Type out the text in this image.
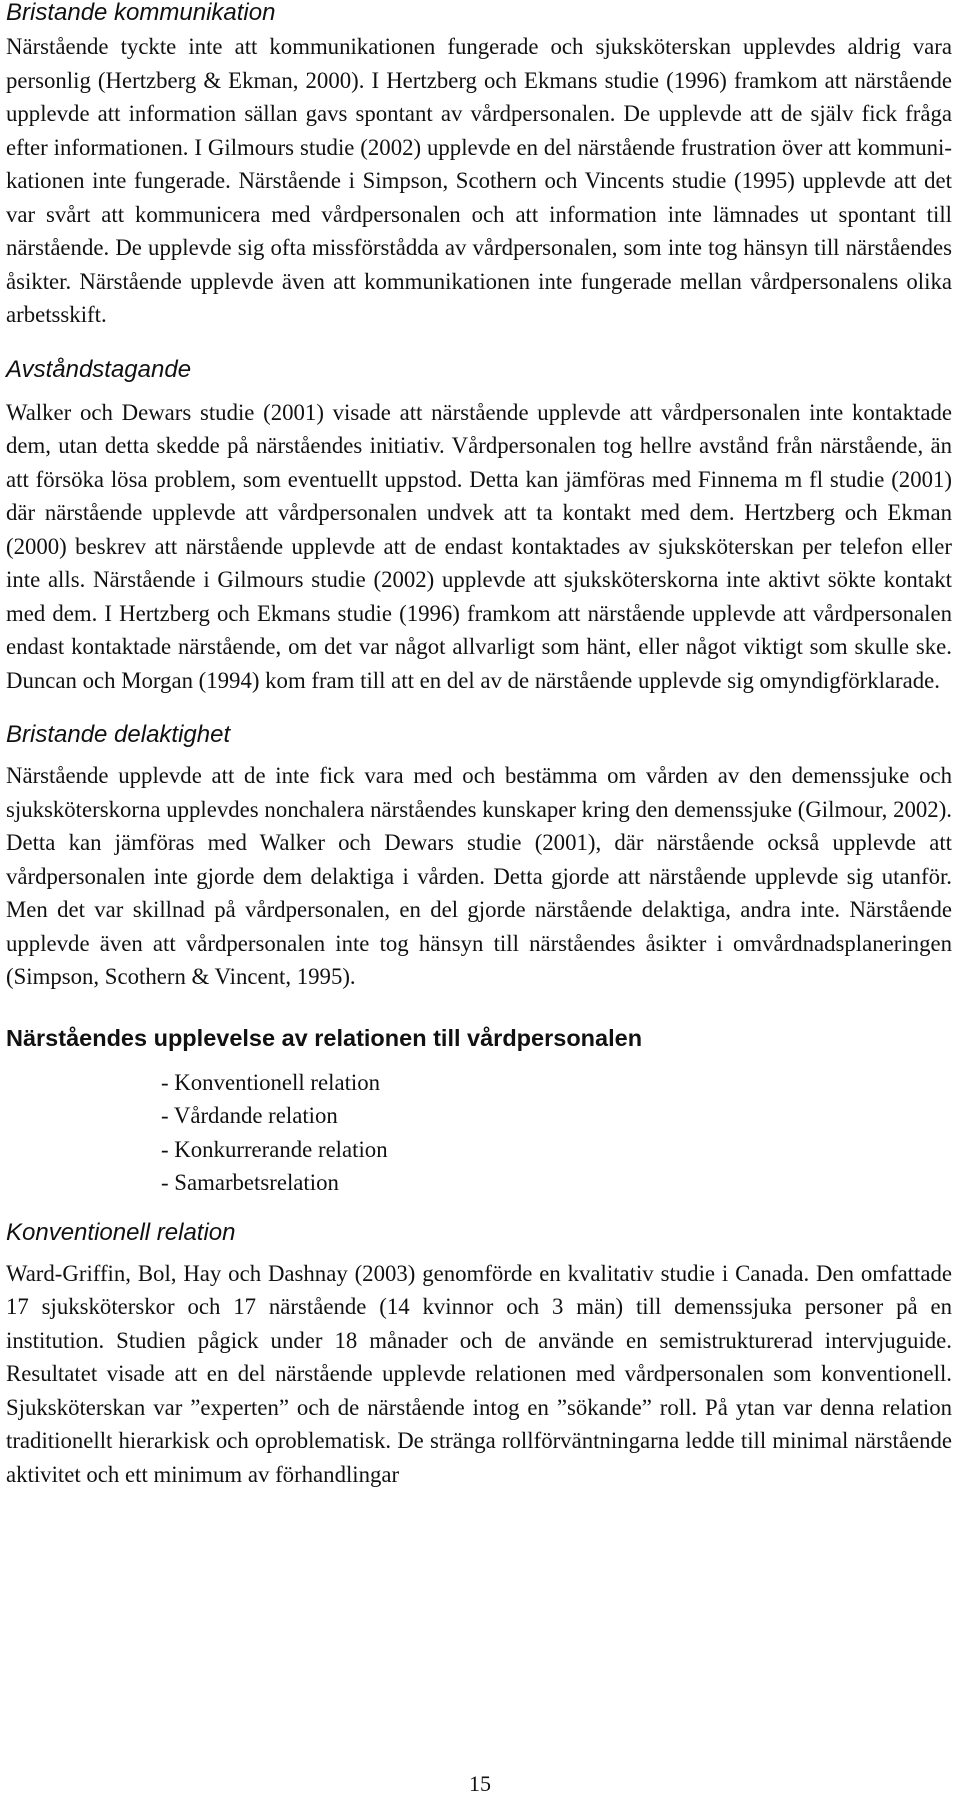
Bristande kommunikation

Närstående tyckte inte att kommunikationen fungerade och sjuksköterskan upplevdes aldrig vara personlig (Hertzberg & Ekman, 2000). I Hertzberg och Ekmans studie (1996) framkom att närstående upplevde att information sällan gavs spontant av vårdpersonalen. De upplevde att de själv fick fråga efter informationen. I Gilmours studie (2002) upplevde en del närstående frustration över att kommunikationen inte fungerade. Närstående i Simpson, Scothern och Vincents studie (1995) upplevde att det var svårt att kommunicera med vårdpersonalen och att information inte lämnades ut spontant till närstående. De upplevde sig ofta missförstådda av vårdpersonalen, som inte tog hänsyn till närståendes åsikter. Närstående upplevde även att kommunikationen inte fungerade mellan vårdpersonalens olika arbetsskift.

Avståndstagande

Walker och Dewars studie (2001) visade att närstående upplevde att vårdpersonalen inte kontaktade dem, utan detta skedde på närståendes initiativ. Vårdpersonalen tog hellre avstånd från närstående, än att försöka lösa problem, som eventuellt uppstod. Detta kan jämföras med Finnema m fl studie (2001) där närstående upplevde att vårdpersonalen undvek att ta kontakt med dem. Hertzberg och Ekman (2000) beskrev att närstående upplevde att de endast kontaktades av sjuksköterskan per telefon eller inte alls. Närstående i Gilmours studie (2002) upplevde att sjuksköterskorna inte aktivt sökte kontakt med dem. I Hertzberg och Ekmans studie (1996) framkom att närstående upplevde att vårdpersonalen endast kontaktade närstående, om det var något allvarligt som hänt, eller något viktigt som skulle ske. Duncan och Morgan (1994) kom fram till att en del av de närstående upplevde sig omyndigförklarade.

Bristande delaktighet

Närstående upplevde att de inte fick vara med och bestämma om vården av den demenssjuke och sjuksköterskorna upplevdes nonchalera närståendes kunskaper kring den demenssjuke (Gilmour, 2002). Detta kan jämföras med Walker och Dewars studie (2001), där närstående också upplevde att vårdpersonalen inte gjorde dem delaktiga i vården. Detta gjorde att närstående upplevde sig utanför. Men det var skillnad på vårdpersonalen, en del gjorde närstående delaktiga, andra inte. Närstående upplevde även att vårdpersonalen inte tog hänsyn till närståendes åsikter i omvårdnadsplaneringen (Simpson, Scothern & Vincent, 1995).

Närståendes upplevelse av relationen till vårdpersonalen
- Konventionell relation
- Vårdande relation
- Konkurrerande relation
- Samarbetsrelation
Konventionell relation

Ward-Griffin, Bol, Hay och Dashnay (2003) genomförde en kvalitativ studie i Canada. Den omfattade 17 sjuksköterskor och 17 närstående (14 kvinnor och 3 män) till demenssjuka personer på en institution. Studien pågick under 18 månader och de använde en semistrukturerad intervjuguide. Resultatet visade att en del närstående upplevde relationen med vårdpersonalen som konventionell. Sjuksköterskan var ”experten” och de närstående intog en ”sökande” roll. På ytan var denna relation traditionellt hierarkisk och oproblematisk. De stränga rollförväntningarna ledde till minimal närstående aktivitet och ett minimum av förhandlingar

15
